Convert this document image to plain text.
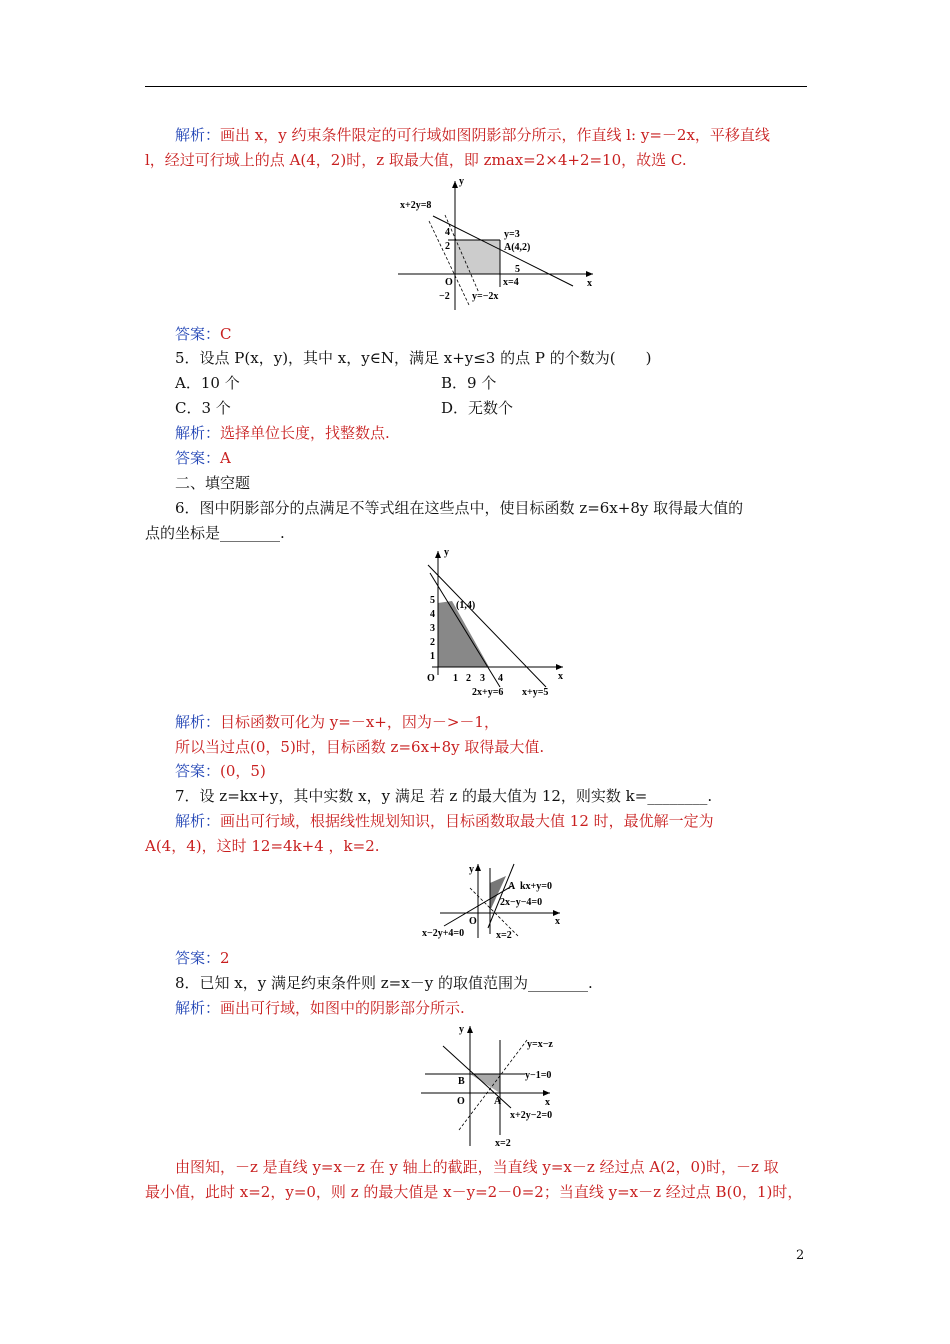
解析：画出 x，y 约束条件限定的可行域如图阴影部分所示，作直线 l: y=－2x，平移直线
l，经过可行域上的点 A(4，2)时，z 取最大值，即 zmax=2×4+2=10，故选 C.
x
y
x+2y=8
4
2
y=3
A(4,2)
5
x=4
O
−2 y=−2x
答案：C
5．设点 P(x，y)，其中 x，y∈N，满足 x+y≤3 的点 P 的个数为(　　)
A．10 个	B．9 个
C．3 个	D．无数个
解析：选择单位长度，找整数点.
答案：A
二、填空题
6．图中阴影部分的点满足不等式组在这些点中，使目标函数 z=6x+8y 取得最大值的
点的坐标是________.
x
y
5
4
3
2
1
(1,4)
O 1 2 3 4
2x+y=6 x+y=5
解析：目标函数可化为 y=－x+，因为－>－1，
所以当过点(0，5)时，目标函数 z=6x+8y 取得最大值.
答案：(0，5)
7．设 z=kx+y，其中实数 x，y 满足 若 z 的最大值为 12，则实数 k=________.
解析：画出可行域，根据线性规划知识，目标函数取最大值 12 时，最优解一定为
A(4，4)，这时 12=4k+4 ，k=2.
x
y
A kx+y=0
2x−y−4=0
O
x−2y+4=0	x=2
答案：2
8．已知 x，y 满足约束条件则 z=x－y 的取值范围为________.
解析：画出可行域，如图中的阴影部分所示.
x
y
y=x−z
B
y−1=0
O	A
x+2y−2=0
x=2
由图知，－z 是直线 y=x－z 在 y 轴上的截距，当直线 y=x－z 经过点 A(2，0)时，－z 取
最小值，此时 x=2，y=0，则 z 的最大值是 x－y=2－0=2；当直线 y=x－z 经过点 B(0，1)时，
2
